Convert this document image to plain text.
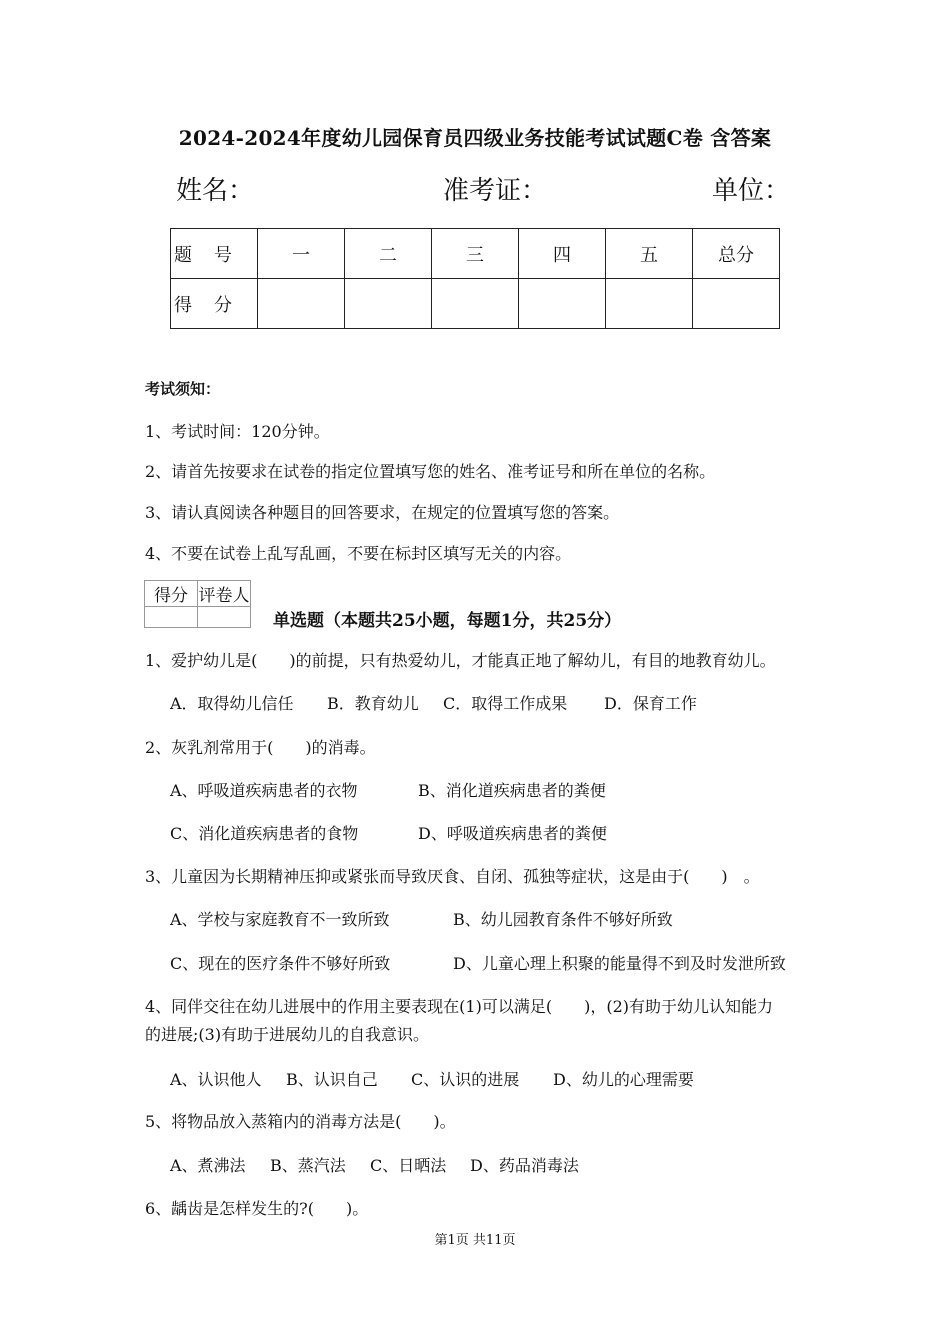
2024-2024年度幼儿园保育员四级业务技能考试试题C卷 含答案
姓名：	准考证：	单位：
题号	一	二	三	四	五	总分
得分						
考试须知：
1、考试时间：120分钟。
2、请首先按要求在试卷的指定位置填写您的姓名、准考证号和所在单位的名称。
3、请认真阅读各种题目的回答要求，在规定的位置填写您的答案。
4、不要在试卷上乱写乱画，不要在标封区填写无关的内容。
得分	评卷人

单选题（本题共25小题，每题1分，共25分）
1、爱护幼儿是(　　)的前提，只有热爱幼儿，才能真正地了解幼儿，有目的地教育幼儿。
A．取得幼儿信任 B．教育幼儿 C．取得工作成果 D．保育工作
2、灰乳剂常用于(　　)的消毒。
A、呼吸道疾病患者的衣物	B、消化道疾病患者的粪便
C、消化道疾病患者的食物	D、呼吸道疾病患者的粪便
3、儿童因为长期精神压抑或紧张而导致厌食、自闭、孤独等症状，这是由于(　　)　。
A、学校与家庭教育不一致所致	B、幼儿园教育条件不够好所致
C、现在的医疗条件不够好所致	D、儿童心理上积聚的能量得不到及时发泄所致
4、同伴交往在幼儿进展中的作用主要表现在(1)可以满足(　　)，(2)有助于幼儿认知能力
的进展;(3)有助于进展幼儿的自我意识。
A、认识他人 B、认识自己 C、认识的进展 D、幼儿的心理需要
5、将物品放入蒸箱内的消毒方法是(　　)。
A、煮沸法 B、蒸汽法 C、日晒法 D、药品消毒法
6、龋齿是怎样发生的?(　　)。
第1页 共11页
